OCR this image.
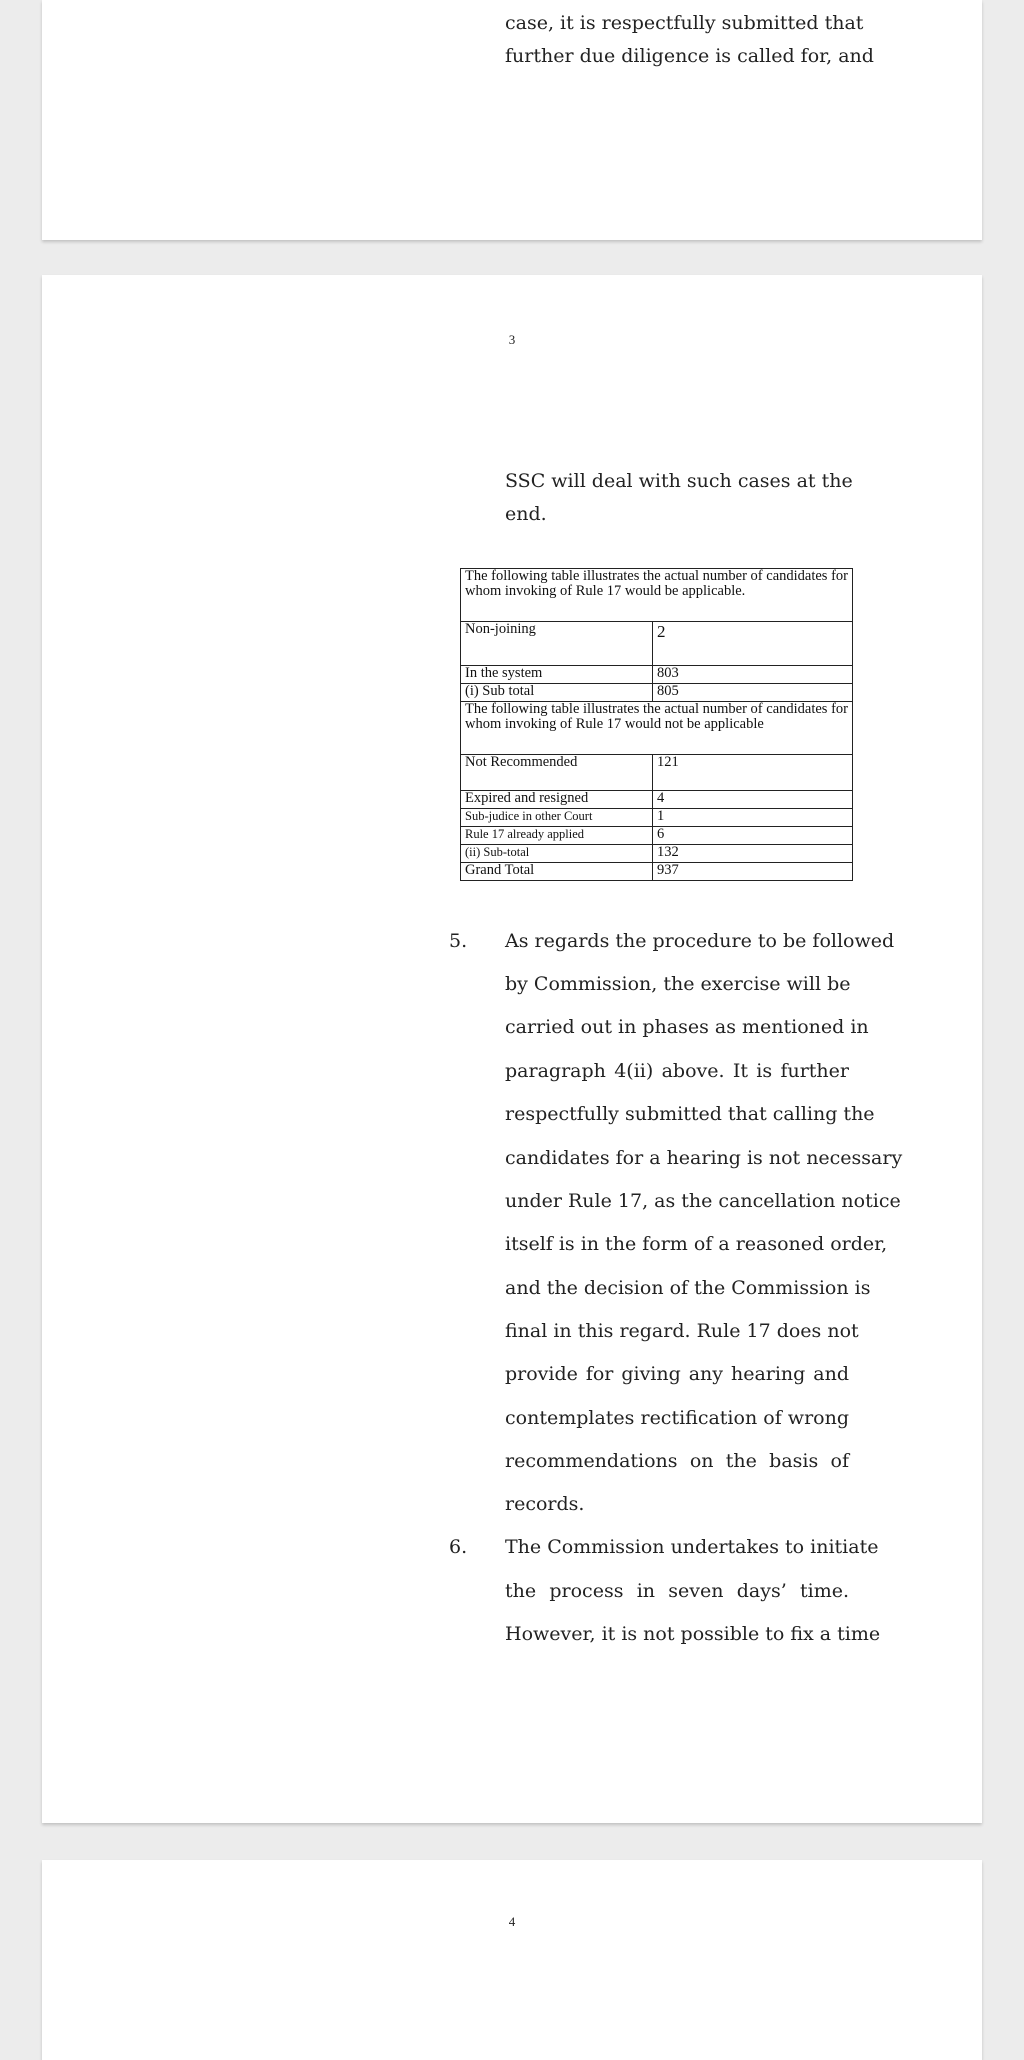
case, it is respectfully submitted that
further due diligence is called for, and
3
SSC will deal with such cases at the
end.
The following table illustrates the actual number of candidates for whom invoking of Rule 17 would be applicable.	
Non-joining	2
In the system	803
(i) Sub total	805
The following table illustrates the actual number of candidates for whom invoking of Rule 17 would not be applicable	
Not Recommended	121
Expired and resigned	4
Sub-judice in other Court	1
Rule 17 already applied	6
(ii) Sub-total	132
Grand Total	937
5. As regards the procedure to be followed
by Commission, the exercise will be
carried out in phases as mentioned in
paragraph 4(ii) above. It is further
respectfully submitted that calling the
candidates for a hearing is not necessary
under Rule 17, as the cancellation notice
itself is in the form of a reasoned order,
and the decision of the Commission is
final in this regard. Rule 17 does not
provide for giving any hearing and
contemplates rectification of wrong
recommendations on the basis of
records.
6. The Commission undertakes to initiate
the process in seven days’ time.
However, it is not possible to fix a time
4
